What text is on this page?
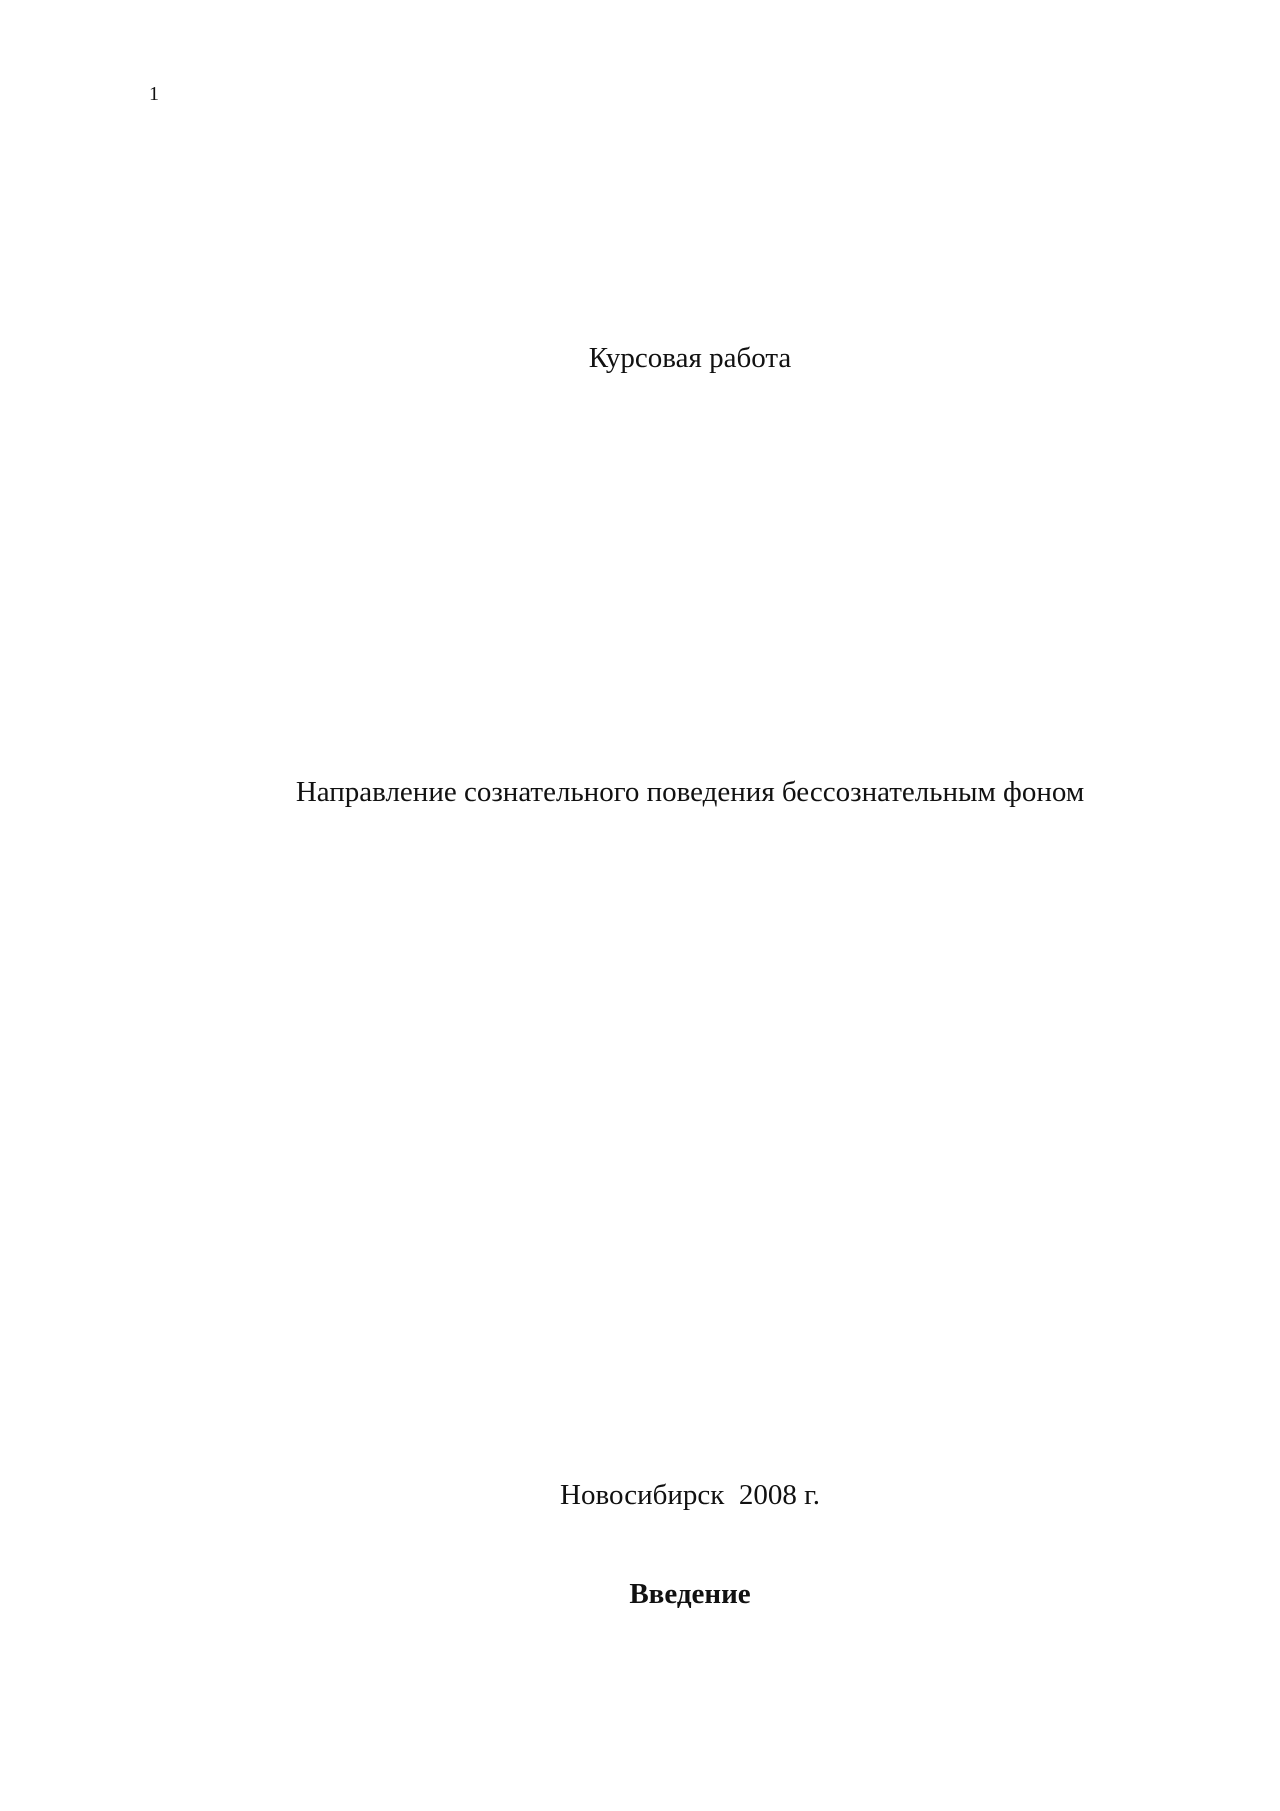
1
Курсовая работа
Направление сознательного поведения бессознательным фоном
Новосибирск  2008 г.
Введение
